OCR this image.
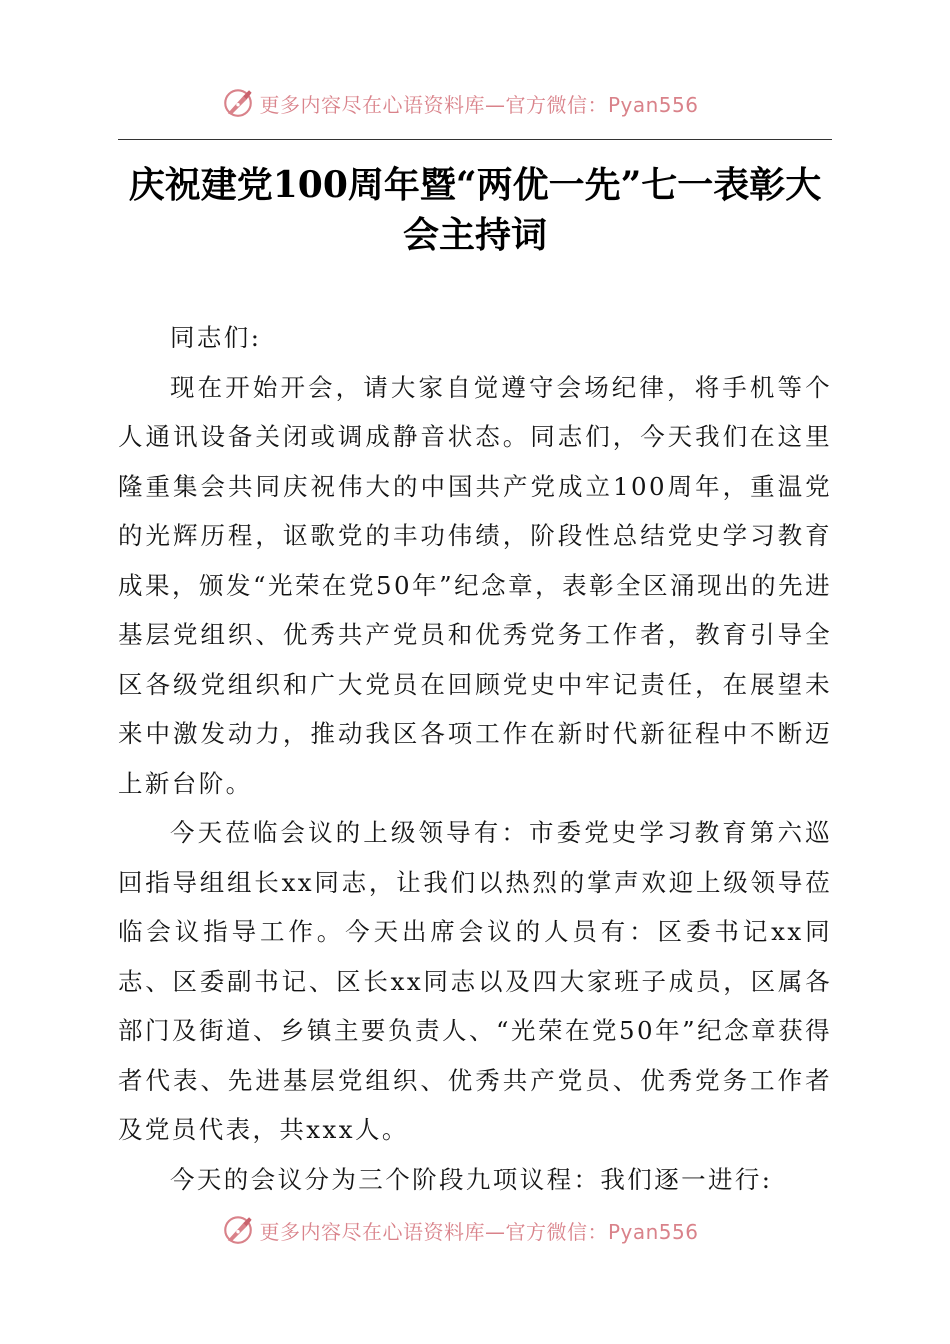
更多内容尽在心语资料库—官方微信：Pyan556
庆祝建党100周年暨“两优一先”七一表彰大
会主持词

同志们:

现在开始开会，请大家自觉遵守会场纪律，将手机等个人通讯设备关闭或调成静音状态。同志们，今天我们在这里隆重集会共同庆祝伟大的中国共产党成立100周年，重温党的光辉历程，讴歌党的丰功伟绩，阶段性总结党史学习教育成果，颁发“光荣在党50年”纪念章，表彰全区涌现出的先进基层党组织、优秀共产党员和优秀党务工作者，教育引导全区各级党组织和广大党员在回顾党史中牢记责任，在展望未来中激发动力，推动我区各项工作在新时代新征程中不断迈上新台阶。

今天莅临会议的上级领导有：市委党史学习教育第六巡回指导组组长xx同志，让我们以热烈的掌声欢迎上级领导莅临会议指导工作。今天出席会议的人员有：区委书记xx同志、区委副书记、区长xx同志以及四大家班子成员，区属各部门及街道、乡镇主要负责人、“光荣在党50年”纪念章获得者代表、先进基层党组织、优秀共产党员、优秀党务工作者及党员代表，共xxx人。

今天的会议分为三个阶段九项议程：我们逐一进行:

更多内容尽在心语资料库—官方微信：Pyan556
